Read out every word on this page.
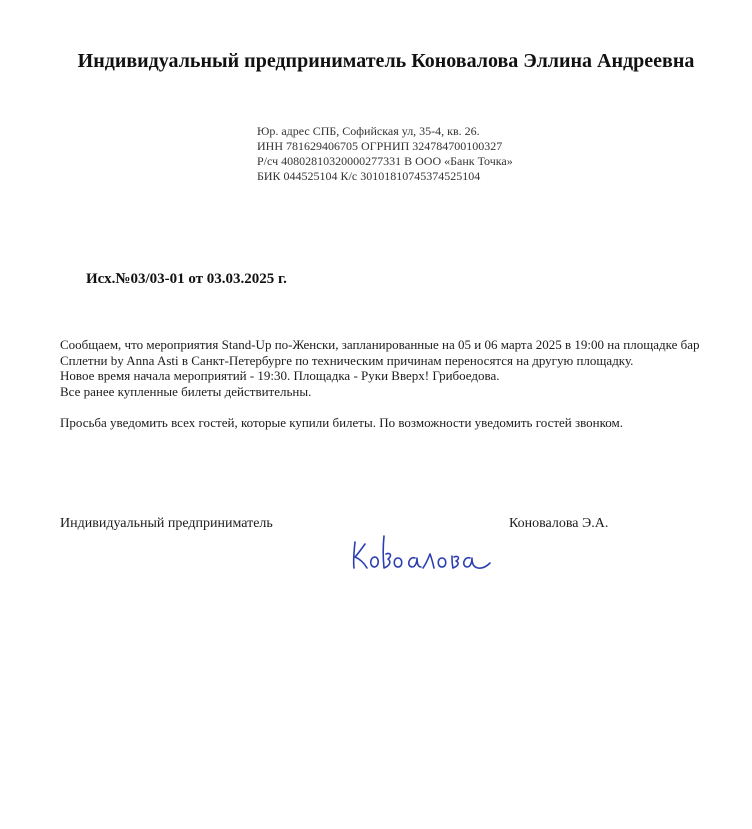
Индивидуальный предприниматель Коновалова Эллина Андреевна
Юр. адрес СПБ, Софийская ул, 35-4, кв. 26.
ИНН 781629406705 ОГРНИП 324784700100327
Р/сч 40802810320000277331 В ООО «Банк Точка»
БИК 044525104 К/с 30101810745374525104
Исх.№03/03-01 от 03.03.2025 г.

Сообщаем, что мероприятия Stand-Up по-Женски, запланированные на 05 и 06 марта 2025 в 19:00 на площадке бар Сплетни by Anna Asti в Санкт-Петербурге по техническим причинам переносятся на другую площадку.

Новое время начала мероприятий - 19:30. Площадка - Руки Вверх! Грибоедова.

Все ранее купленные билеты действительны.

Просьба уведомить всех гостей, которые купили билеты. По возможности уведомить гостей звонком.

Индивидуальный предприниматель	Коновалова Э.А.
